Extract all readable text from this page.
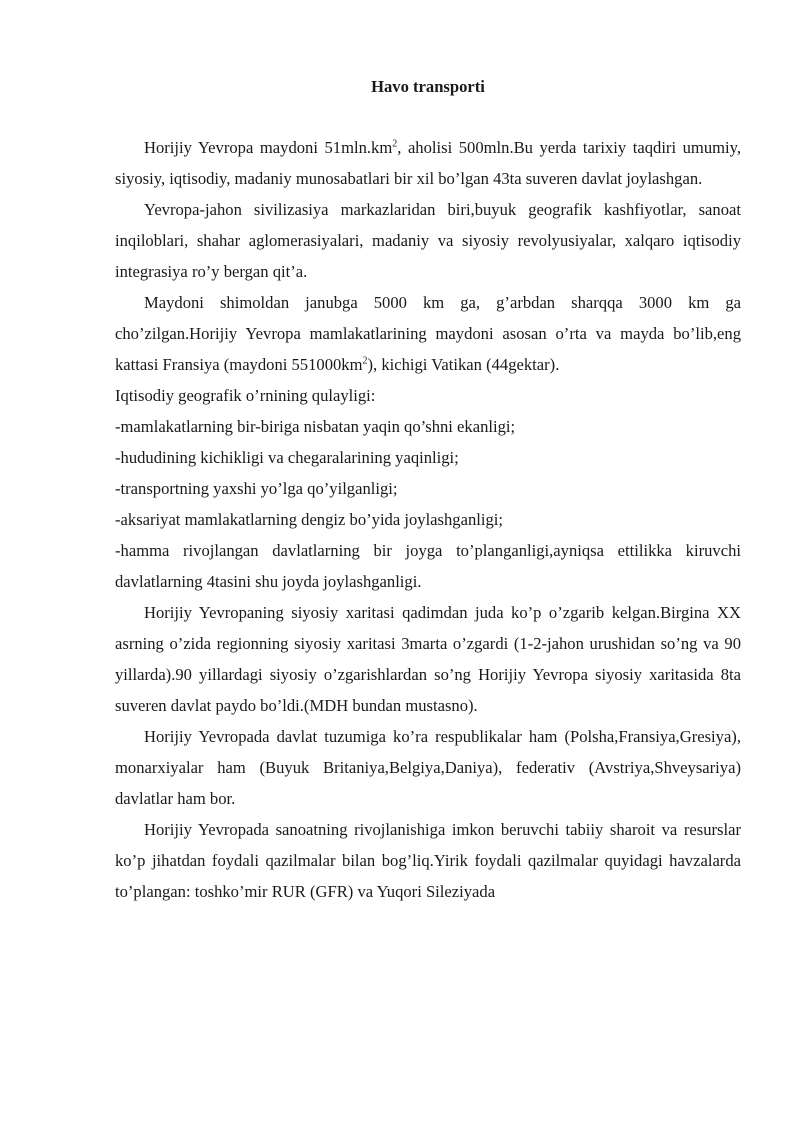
Havo transporti

Horijiy Yevropa maydoni $51mln.km^2$, aholisi 500mln.Bu yerda tarixiy taqdiri umumiy, siyosiy, iqtisodiy, madaniy munosabatlari bir xil bo’lgan 43ta suveren davlat joylashgan.

Yevropa-jahon sivilizasiya markazlaridan biri,buyuk geografik kashfiyotlar, sanoat inqiloblari, shahar aglomerasiyalari, madaniy va siyosiy revolyusiyalar, xalqaro iqtisodiy integrasiya ro’y bergan qit’a.

Maydoni shimoldan janubga 5000 km ga, g’arbdan sharqqa 3000 km ga cho’zilgan.Horijiy Yevropa mamlakatlarining maydoni asosan o’rta va mayda bo’lib,eng kattasi Fransiya (maydoni $551000km^2$), kichigi Vatikan (44gektar).

Iqtisodiy geografik o’rnining qulayligi:

-mamlakatlarning bir-biriga nisbatan yaqin qo’shni ekanligi;

-hududining kichikligi va chegaralarining yaqinligi;

-transportning yaxshi yo’lga qo’yilganligi;

-aksariyat mamlakatlarning dengiz bo’yida joylashganligi;

-hamma rivojlangan davlatlarning bir joyga to’planganligi,ayniqsa ettilikka kiruvchi davlatlarning 4tasini shu joyda joylashganligi.

Horijiy Yevropaning siyosiy xaritasi qadimdan juda ko’p o’zgarib kelgan.Birgina XX asrning o’zida regionning siyosiy xaritasi 3marta o’zgardi (1-2-jahon urushidan so’ng va 90 yillarda).90 yillardagi siyosiy o’zgarishlardan so’ng Horijiy Yevropa siyosiy xaritasida 8ta suveren davlat paydo bo’ldi.(MDH bundan mustasno).

Horijiy Yevropada davlat tuzumiga ko’ra respublikalar ham (Polsha,Fransiya,Gresiya), monarxiyalar ham (Buyuk Britaniya,Belgiya,Daniya), federativ (Avstriya,Shveysariya) davlatlar ham bor.

Horijiy Yevropada sanoatning rivojlanishiga imkon beruvchi tabiiy sharoit va resurslar ko’p jihatdan foydali qazilmalar bilan bog’liq.Yirik foydali qazilmalar quyidagi havzalarda to’plangan: toshko’mir RUR (GFR) va Yuqori Sileziyada
